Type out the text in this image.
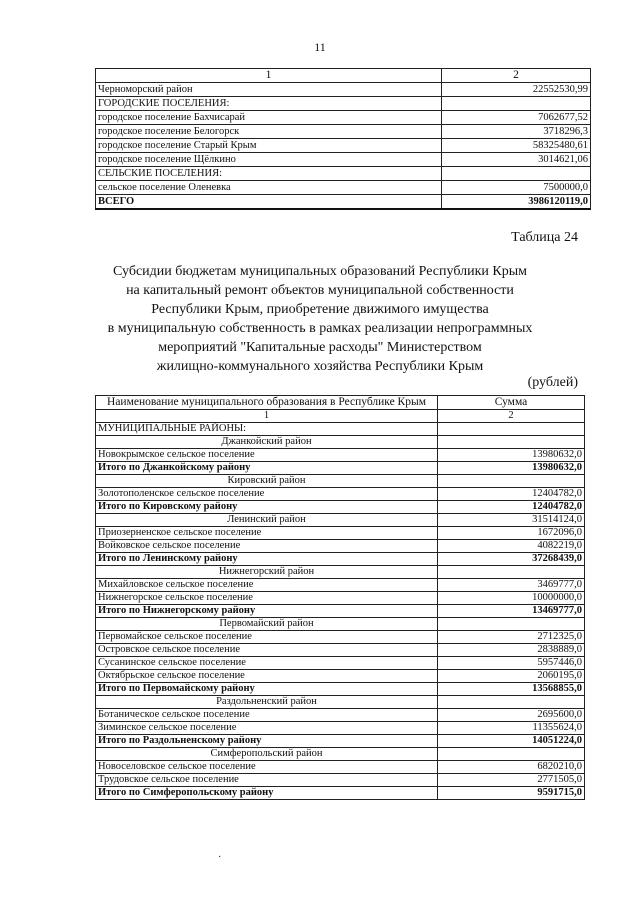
11
1	2
Черноморский район	22552530,99
ГОРОДСКИЕ ПОСЕЛЕНИЯ:	
городское поселение Бахчисарай	7062677,52
городское поселение Белогорск	3718296,3
городское поселение Старый Крым	58325480,61
городское поселение Щёлкино	3014621,06
СЕЛЬСКИЕ ПОСЕЛЕНИЯ:	
сельское поселение Оленевка	7500000,0
ВСЕГО	3986120119,0
Таблица 24
Субсидии бюджетам муниципальных образований Республики Крым
на капитальный ремонт объектов муниципальной собственности
Республики Крым, приобретение движимого имущества
в муниципальную собственность в рамках реализации непрограммных
мероприятий "Капитальные расходы" Министерством
жилищно-коммунального хозяйства Республики Крым
(рублей)
Наименование муниципального образования в Республике Крым	Сумма
1	2
МУНИЦИПАЛЬНЫЕ РАЙОНЫ:	
Джанкойский район	
Новокрымское сельское поселение	13980632,0
Итого по Джанкойскому району	13980632,0
Кировский район	
Золотополенское сельское поселение	12404782,0
Итого по Кировскому району	12404782,0
Ленинский район	31514124,0
Приозерненское сельское поселение	1672096,0
Войковское сельское поселение	4082219,0
Итого по Ленинскому району	37268439,0
Нижнегорский район	
Михайловское сельское поселение	3469777,0
Нижнегорское сельское поселение	10000000,0
Итого по Нижнегорскому району	13469777,0
Первомайский район	
Первомайское сельское поселение	2712325,0
Островское сельское поселение	2838889,0
Сусанинское сельское поселение	5957446,0
Октябрьское сельское поселение	2060195,0
Итого по Первомайскому району	13568855,0
Раздольненский район	
Ботаническое сельское поселение	2695600,0
Зиминское сельское поселение	11355624,0
Итого по Раздольненскому району	14051224,0
Симферопольский район	
Новоселовское сельское поселение	6820210,0
Трудовское сельское поселение	2771505,0
Итого по Симферопольскому району	9591715,0
·
